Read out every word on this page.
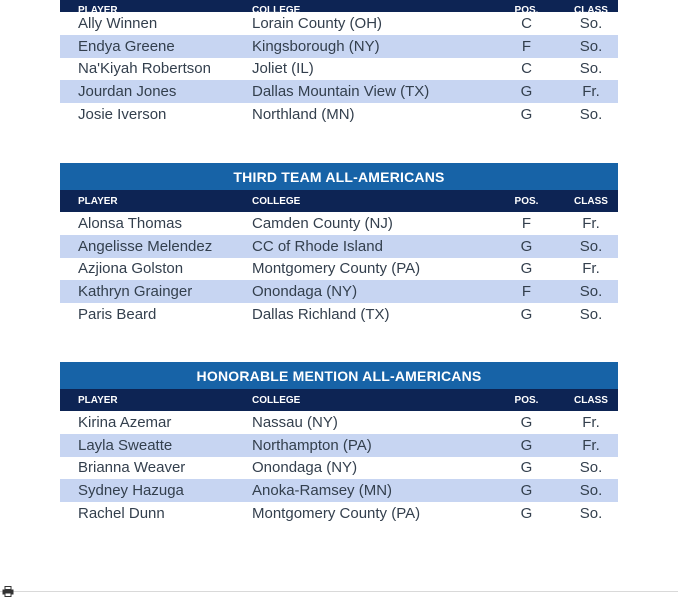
PLAYER	COLLEGE	POS.	CLASS
Ally Winnen	Lorain County (OH)	C	So.
Endya Greene	Kingsborough (NY)	F	So.
Na'Kiyah Robertson	Joliet (IL)	C	So.
Jourdan Jones	Dallas Mountain View (TX)	G	Fr.
Josie Iverson	Northland (MN)	G	So.
THIRD TEAM ALL-AMERICANS
PLAYER	COLLEGE	POS.	CLASS
Alonsa Thomas	Camden County (NJ)	F	Fr.
Angelisse Melendez	CC of Rhode Island	G	So.
Azjiona Golston	Montgomery County (PA)	G	Fr.
Kathryn Grainger	Onondaga (NY)	F	So.
Paris Beard	Dallas Richland (TX)	G	So.
HONORABLE MENTION ALL-AMERICANS
PLAYER	COLLEGE	POS.	CLASS
Kirina Azemar	Nassau (NY)	G	Fr.
Layla Sweatte	Northampton (PA)	G	Fr.
Brianna Weaver	Onondaga (NY)	G	So.
Sydney Hazuga	Anoka-Ramsey (MN)	G	So.
Rachel Dunn	Montgomery County (PA)	G	So.
